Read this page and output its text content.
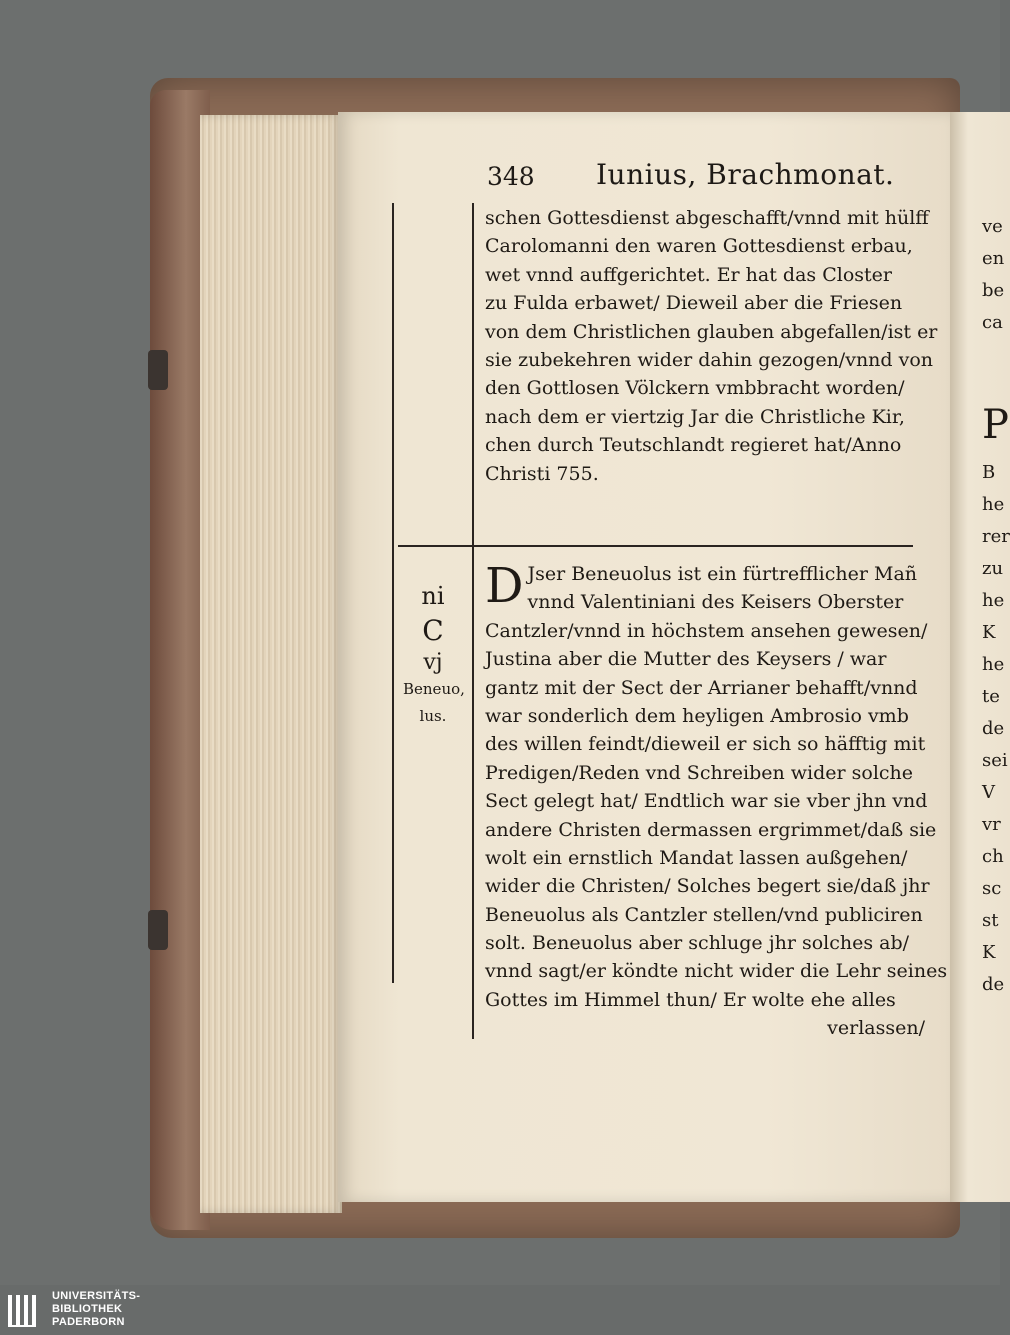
348 Iunius, Brachmonat.
schen Gottesdienst abgeschafft/vnnd mit hülff
Carolomanni den waren Gottesdienst erbau,
wet vnnd auffgerichtet. Er hat das Closter
zu Fulda erbawet/ Dieweil aber die Friesen
von dem Christlichen glauben abgefallen/ist er
sie zubekehren wider dahin gezogen/vnnd von
den Gottlosen Völckern vmbbracht worden/
nach dem er viertzig Jar die Christliche Kir,
chen durch Teutschlandt regieret hat/Anno
Christi 755.
D Jser Beneuolus ist ein fürtrefflicher Mañ
vnnd Valentiniani des Keisers Oberster
Cantzler/vnnd in höchstem ansehen gewesen/
Justina aber die Mutter des Keysers / war
gantz mit der Sect der Arrianer behafft/vnnd
war sonderlich dem heyligen Ambrosio vmb
des willen feindt/dieweil er sich so häfftig mit
Predigen/Reden vnd Schreiben wider solche
Sect gelegt hat/ Endtlich war sie vber jhn vnd
andere Christen dermassen ergrimmet/daß sie
wolt ein ernstlich Mandat lassen außgehen/
wider die Christen/ Solches begert sie/daß jhr
Beneuolus als Cantzler stellen/vnd publiciren
solt. Beneuolus aber schluge jhr solches ab/
vnnd sagt/er köndte nicht wider die Lehr seines
Gottes im Himmel thun/ Er wolte ehe alles
verlassen/
ni
C
vj
Beneuo,
lus.
ve
en
be
ca
P
B
he
rer
zu
he
K
he
te
de
sei
V
vr
ch
sc
st
K
de
UNIVERSITÄTS-
BIBLIOTHEK
PADERBORN
